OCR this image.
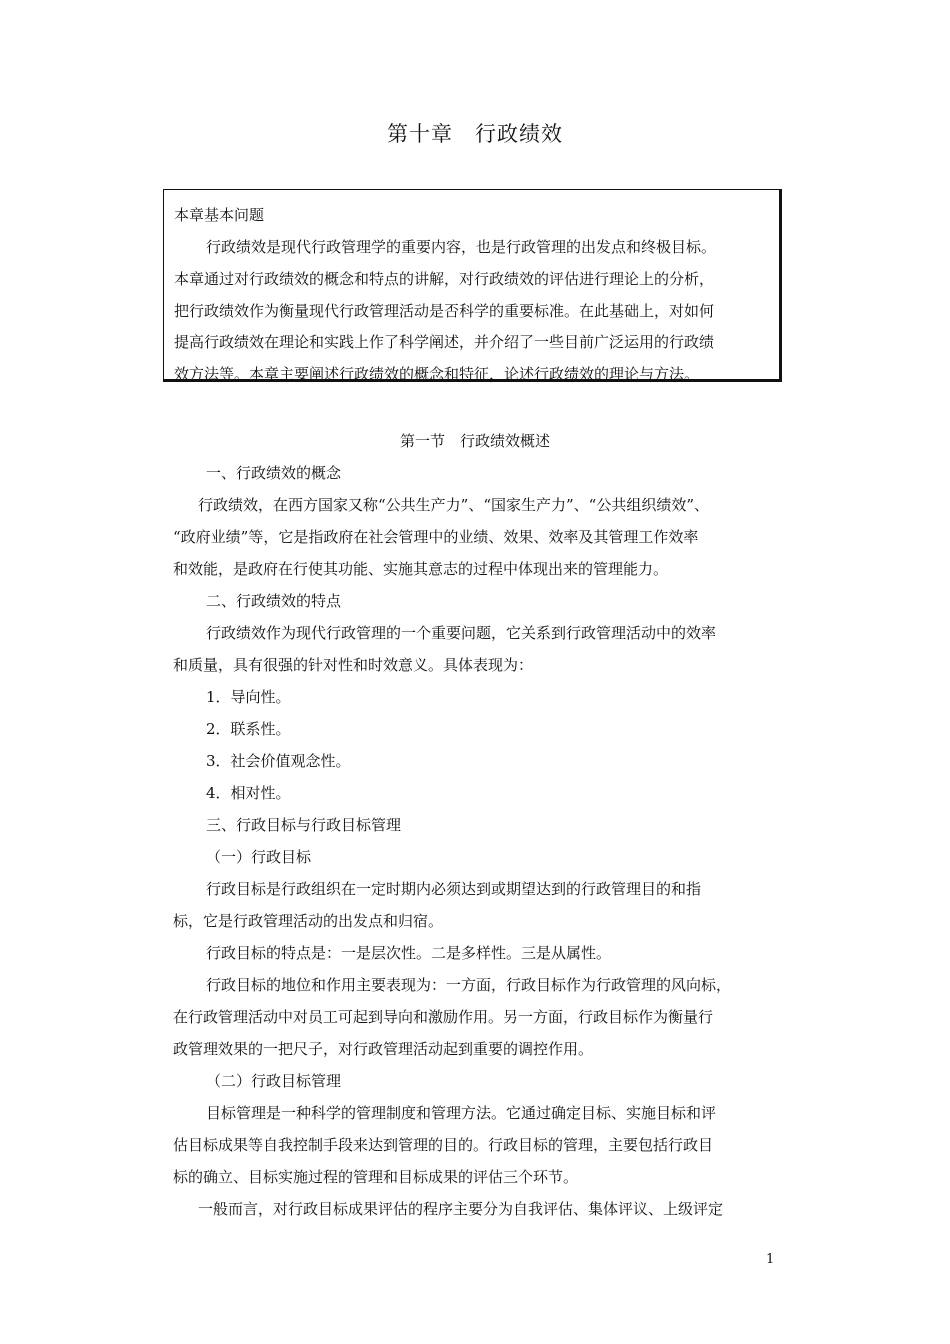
第十章　行政绩效
本章基本问题
行政绩效是现代行政管理学的重要内容，也是行政管理的出发点和终极目标。
本章通过对行政绩效的概念和特点的讲解，对行政绩效的评估进行理论上的分析，
把行政绩效作为衡量现代行政管理活动是否科学的重要标准。在此基础上，对如何
提高行政绩效在理论和实践上作了科学阐述，并介绍了一些目前广泛运用的行政绩
效方法等。本章主要阐述行政绩效的概念和特征，论述行政绩效的理论与方法。
第一节　行政绩效概述
一、行政绩效的概念
行政绩效，在西方国家又称“公共生产力”、“国家生产力”、“公共组织绩效”、
“政府业绩”等，它是指政府在社会管理中的业绩、效果、效率及其管理工作效率
和效能，是政府在行使其功能、实施其意志的过程中体现出来的管理能力。
二、行政绩效的特点
行政绩效作为现代行政管理的一个重要问题，它关系到行政管理活动中的效率
和质量，具有很强的针对性和时效意义。具体表现为：
1．导向性。
2．联系性。
3．社会价值观念性。
4．相对性。
三、行政目标与行政目标管理
（一）行政目标
行政目标是行政组织在一定时期内必须达到或期望达到的行政管理目的和指
标，它是行政管理活动的出发点和归宿。
行政目标的特点是：一是层次性。二是多样性。三是从属性。
行政目标的地位和作用主要表现为：一方面，行政目标作为行政管理的风向标，
在行政管理活动中对员工可起到导向和激励作用。另一方面，行政目标作为衡量行
政管理效果的一把尺子，对行政管理活动起到重要的调控作用。
（二）行政目标管理
目标管理是一种科学的管理制度和管理方法。它通过确定目标、实施目标和评
估目标成果等自我控制手段来达到管理的目的。行政目标的管理，主要包括行政目
标的确立、目标实施过程的管理和目标成果的评估三个环节。
一般而言，对行政目标成果评估的程序主要分为自我评估、集体评议、上级评定
1
